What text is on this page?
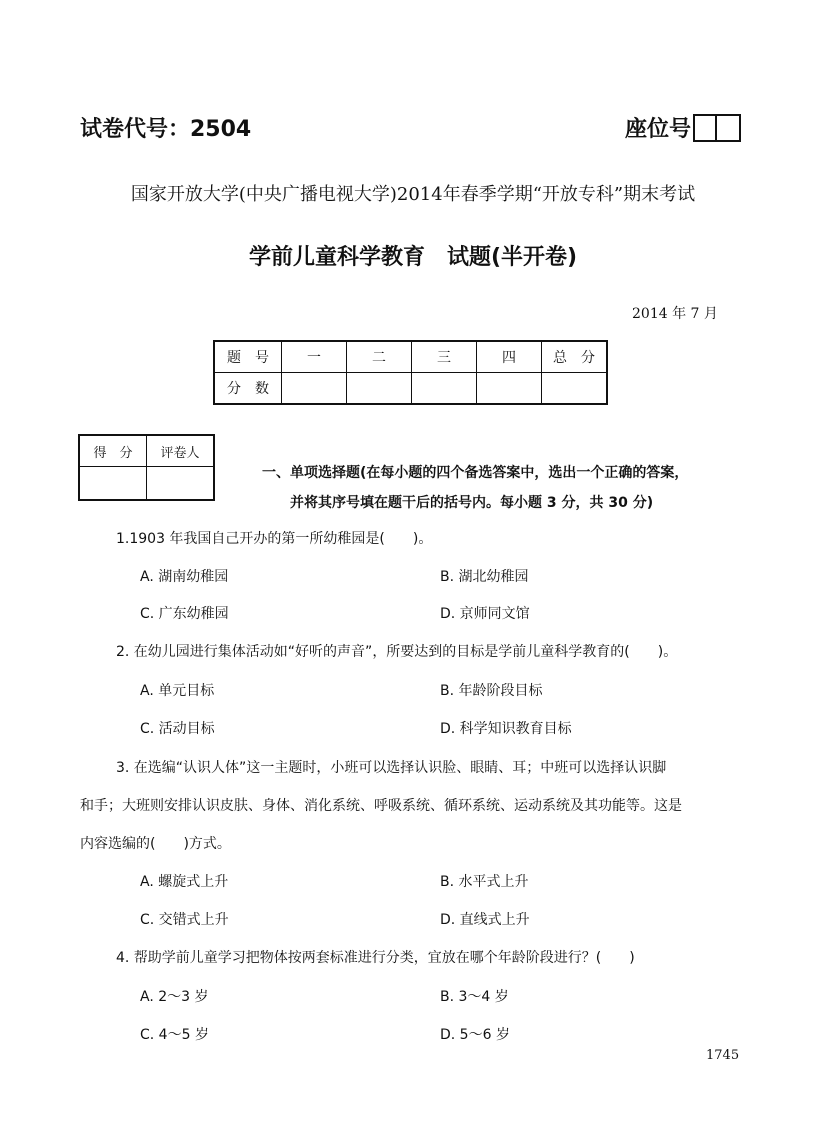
试卷代号：2504	座位号
国家开放大学(中央广播电视大学)2014年春季学期“开放专科”期末考试
学前儿童科学教育　试题(半开卷)
2014 年 7 月
题　号	一	二	三	四	总　分
分　数					
得　分	评卷人

一、单项选择题(在每小题的四个备选答案中，选出一个正确的答案，
并将其序号填在题干后的括号内。每小题 3 分，共 30 分)
1.1903 年我国自己开办的第一所幼稚园是(　　)。
A. 湖南幼稚园	B. 湖北幼稚园
C. 广东幼稚园	D. 京师同文馆
2. 在幼儿园进行集体活动如“好听的声音”，所要达到的目标是学前儿童科学教育的(　　)。
A. 单元目标	B. 年龄阶段目标
C. 活动目标	D. 科学知识教育目标
3. 在选编“认识人体”这一主题时，小班可以选择认识脸、眼睛、耳；中班可以选择认识脚
和手；大班则安排认识皮肤、身体、消化系统、呼吸系统、循环系统、运动系统及其功能等。这是
内容选编的(　　)方式。
A. 螺旋式上升	B. 水平式上升
C. 交错式上升	D. 直线式上升
4. 帮助学前儿童学习把物体按两套标准进行分类，宜放在哪个年龄阶段进行？(　　)
A. 2～3 岁	B. 3～4 岁
C. 4～5 岁	D. 5～6 岁
1745
